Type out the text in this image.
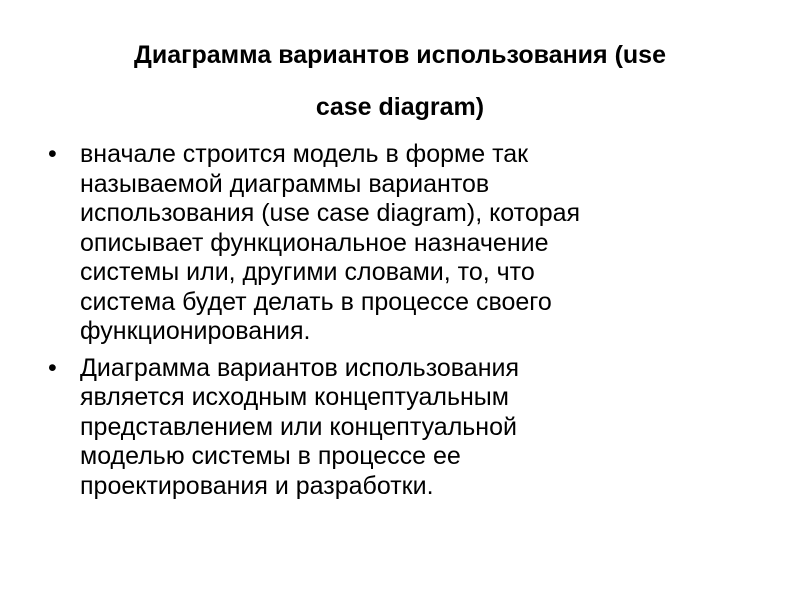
Диаграмма вариантов использования (use
case diagram)
• вначале строится модель в форме так
называемой диаграммы вариантов
использования (use case diagram), которая
описывает функциональное назначение
системы или, другими словами, то, что
система будет делать в процессе своего
функционирования.
• Диаграмма вариантов использования
является исходным концептуальным
представлением или концептуальной
моделью системы в процессе ее
проектирования и разработки.
